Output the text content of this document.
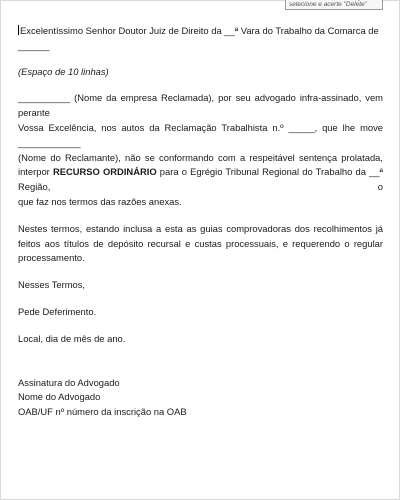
selecione e acerte "Delete"

Excelentíssimo Senhor Doutor Juiz de Direito da __ª Vara do Trabalho da Comarca de ______

(Espaço de 10 linhas)

__________ (Nome da empresa Reclamada), por seu advogado infra-assinado, vem perante

Vossa Excelência, nos autos da Reclamação Trabalhista n.º _____, que lhe move ____________

(Nome do Reclamante), não se conformando com a respeitável sentença prolatada,

interpor RECURSO ORDINÁRIO para o Egrégio Tribunal Regional do Trabalho da __ª Região, o

que faz nos termos das razões anexas.

Nestes termos, estando inclusa a esta as guias comprovadoras dos recolhimentos já feitos aos títulos de depósito recursal e custas processuais, e requerendo o regular processamento.

Nesses Termos,

Pede Deferimento.

Local, dia de mês de ano.

Assinatura do Advogado

Nome do Advogado

OAB/UF nº número da inscrição na OAB
